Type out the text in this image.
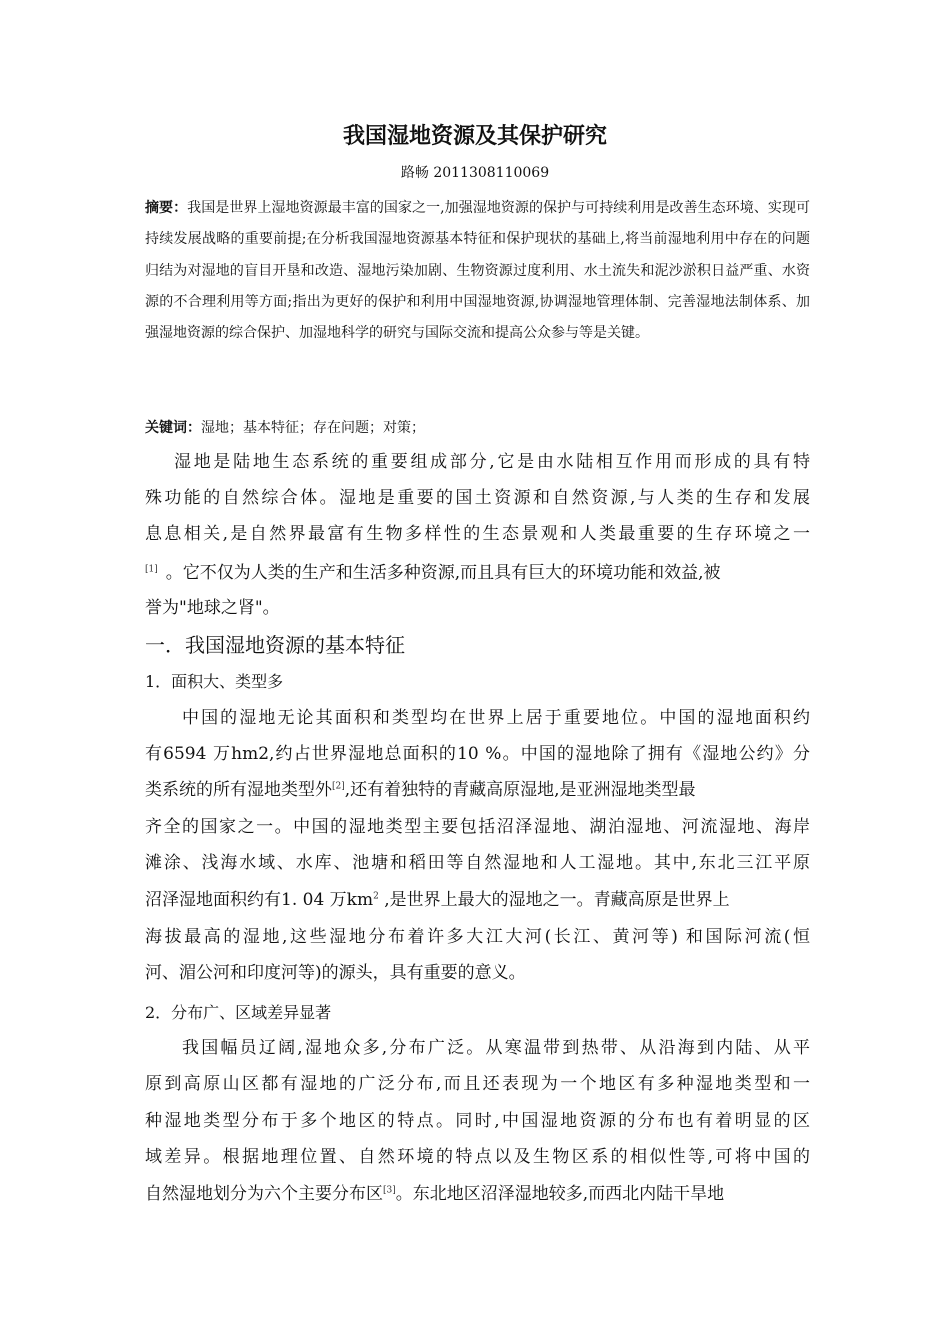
我国湿地资源及其保护研究
路畅 2011308110069
摘要：我国是世界上湿地资源最丰富的国家之一,加强湿地资源的保护与可持续利用是改善生态环境、实现可持续发展战略的重要前提;在分析我国湿地资源基本特征和保护现状的基础上,将当前湿地利用中存在的问题归结为对湿地的盲目开垦和改造、湿地污染加剧、生物资源过度利用、水土流失和泥沙淤积日益严重、水资源的不合理利用等方面;指出为更好的保护和利用中国湿地资源,协调湿地管理体制、完善湿地法制体系、加强湿地资源的综合保护、加湿地科学的研究与国际交流和提高公众参与等是关键。
关键词：湿地；基本特征；存在问题；对策；
湿地是陆地生态系统的重要组成部分,它是由水陆相互作用而形成的具有特
殊功能的自然综合体。湿地是重要的国土资源和自然资源,与人类的生存和发展
息息相关,是自然界最富有生物多样性的生态景观和人类最重要的生存环境之一
[1] 。它不仅为人类的生产和生活多种资源,而且具有巨大的环境功能和效益,被
誉为"地球之肾"。
一．我国湿地资源的基本特征
1．面积大、类型多
中国的湿地无论其面积和类型均在世界上居于重要地位。中国的湿地面积约
有6594 万hm2,约占世界湿地总面积的10 %。中国的湿地除了拥有《湿地公约》分
类系统的所有湿地类型外[2],还有着独特的青藏高原湿地,是亚洲湿地类型最
齐全的国家之一。中国的湿地类型主要包括沼泽湿地、湖泊湿地、河流湿地、海岸
滩涂、浅海水域、水库、池塘和稻田等自然湿地和人工湿地。其中,东北三江平原
沼泽湿地面积约有1. 04 万$km^2$ ,是世界上最大的湿地之一。青藏高原是世界上
海拔最高的湿地,这些湿地分布着许多大江大河(长江、黄河等) 和国际河流(恒
河、湄公河和印度河等)的源头，具有重要的意义。
2．分布广、区域差异显著
我国幅员辽阔,湿地众多,分布广泛。从寒温带到热带、从沿海到内陆、从平
原到高原山区都有湿地的广泛分布,而且还表现为一个地区有多种湿地类型和一
种湿地类型分布于多个地区的特点。同时,中国湿地资源的分布也有着明显的区
域差异。根据地理位置、自然环境的特点以及生物区系的相似性等,可将中国的
自然湿地划分为六个主要分布区[3]。东北地区沼泽湿地较多,而西北内陆干旱地
